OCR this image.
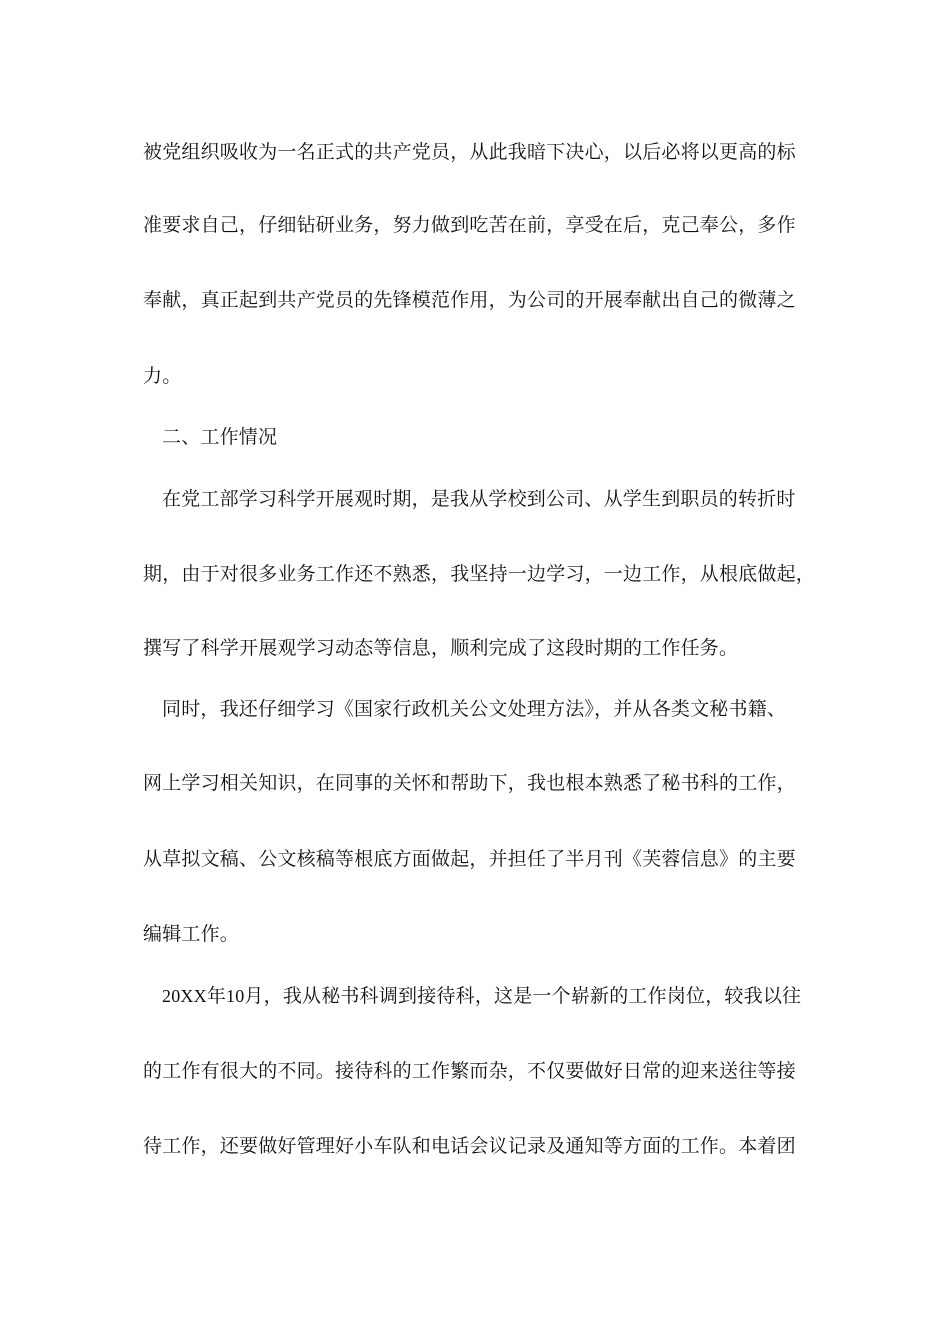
被党组织吸收为一名正式的共产党员，从此我暗下决心，以后必将以更高的标
准要求自己，仔细钻研业务，努力做到吃苦在前，享受在后，克己奉公，多作
奉献，真正起到共产党员的先锋模范作用，为公司的开展奉献出自己的微薄之
力。
二、工作情况
在党工部学习科学开展观时期，是我从学校到公司、从学生到职员的转折时
期，由于对很多业务工作还不熟悉，我坚持一边学习，一边工作，从根底做起，
撰写了科学开展观学习动态等信息，顺利完成了这段时期的工作任务。
同时，我还仔细学习《国家行政机关公文处理方法》，并从各类文秘书籍、
网上学习相关知识，在同事的关怀和帮助下，我也根本熟悉了秘书科的工作，
从草拟文稿、公文核稿等根底方面做起，并担任了半月刊《芙蓉信息》的主要
编辑工作。
20XX年10月，我从秘书科调到接待科，这是一个崭新的工作岗位，较我以往
的工作有很大的不同。接待科的工作繁而杂，不仅要做好日常的迎来送往等接
待工作，还要做好管理好小车队和电话会议记录及通知等方面的工作。本着团
